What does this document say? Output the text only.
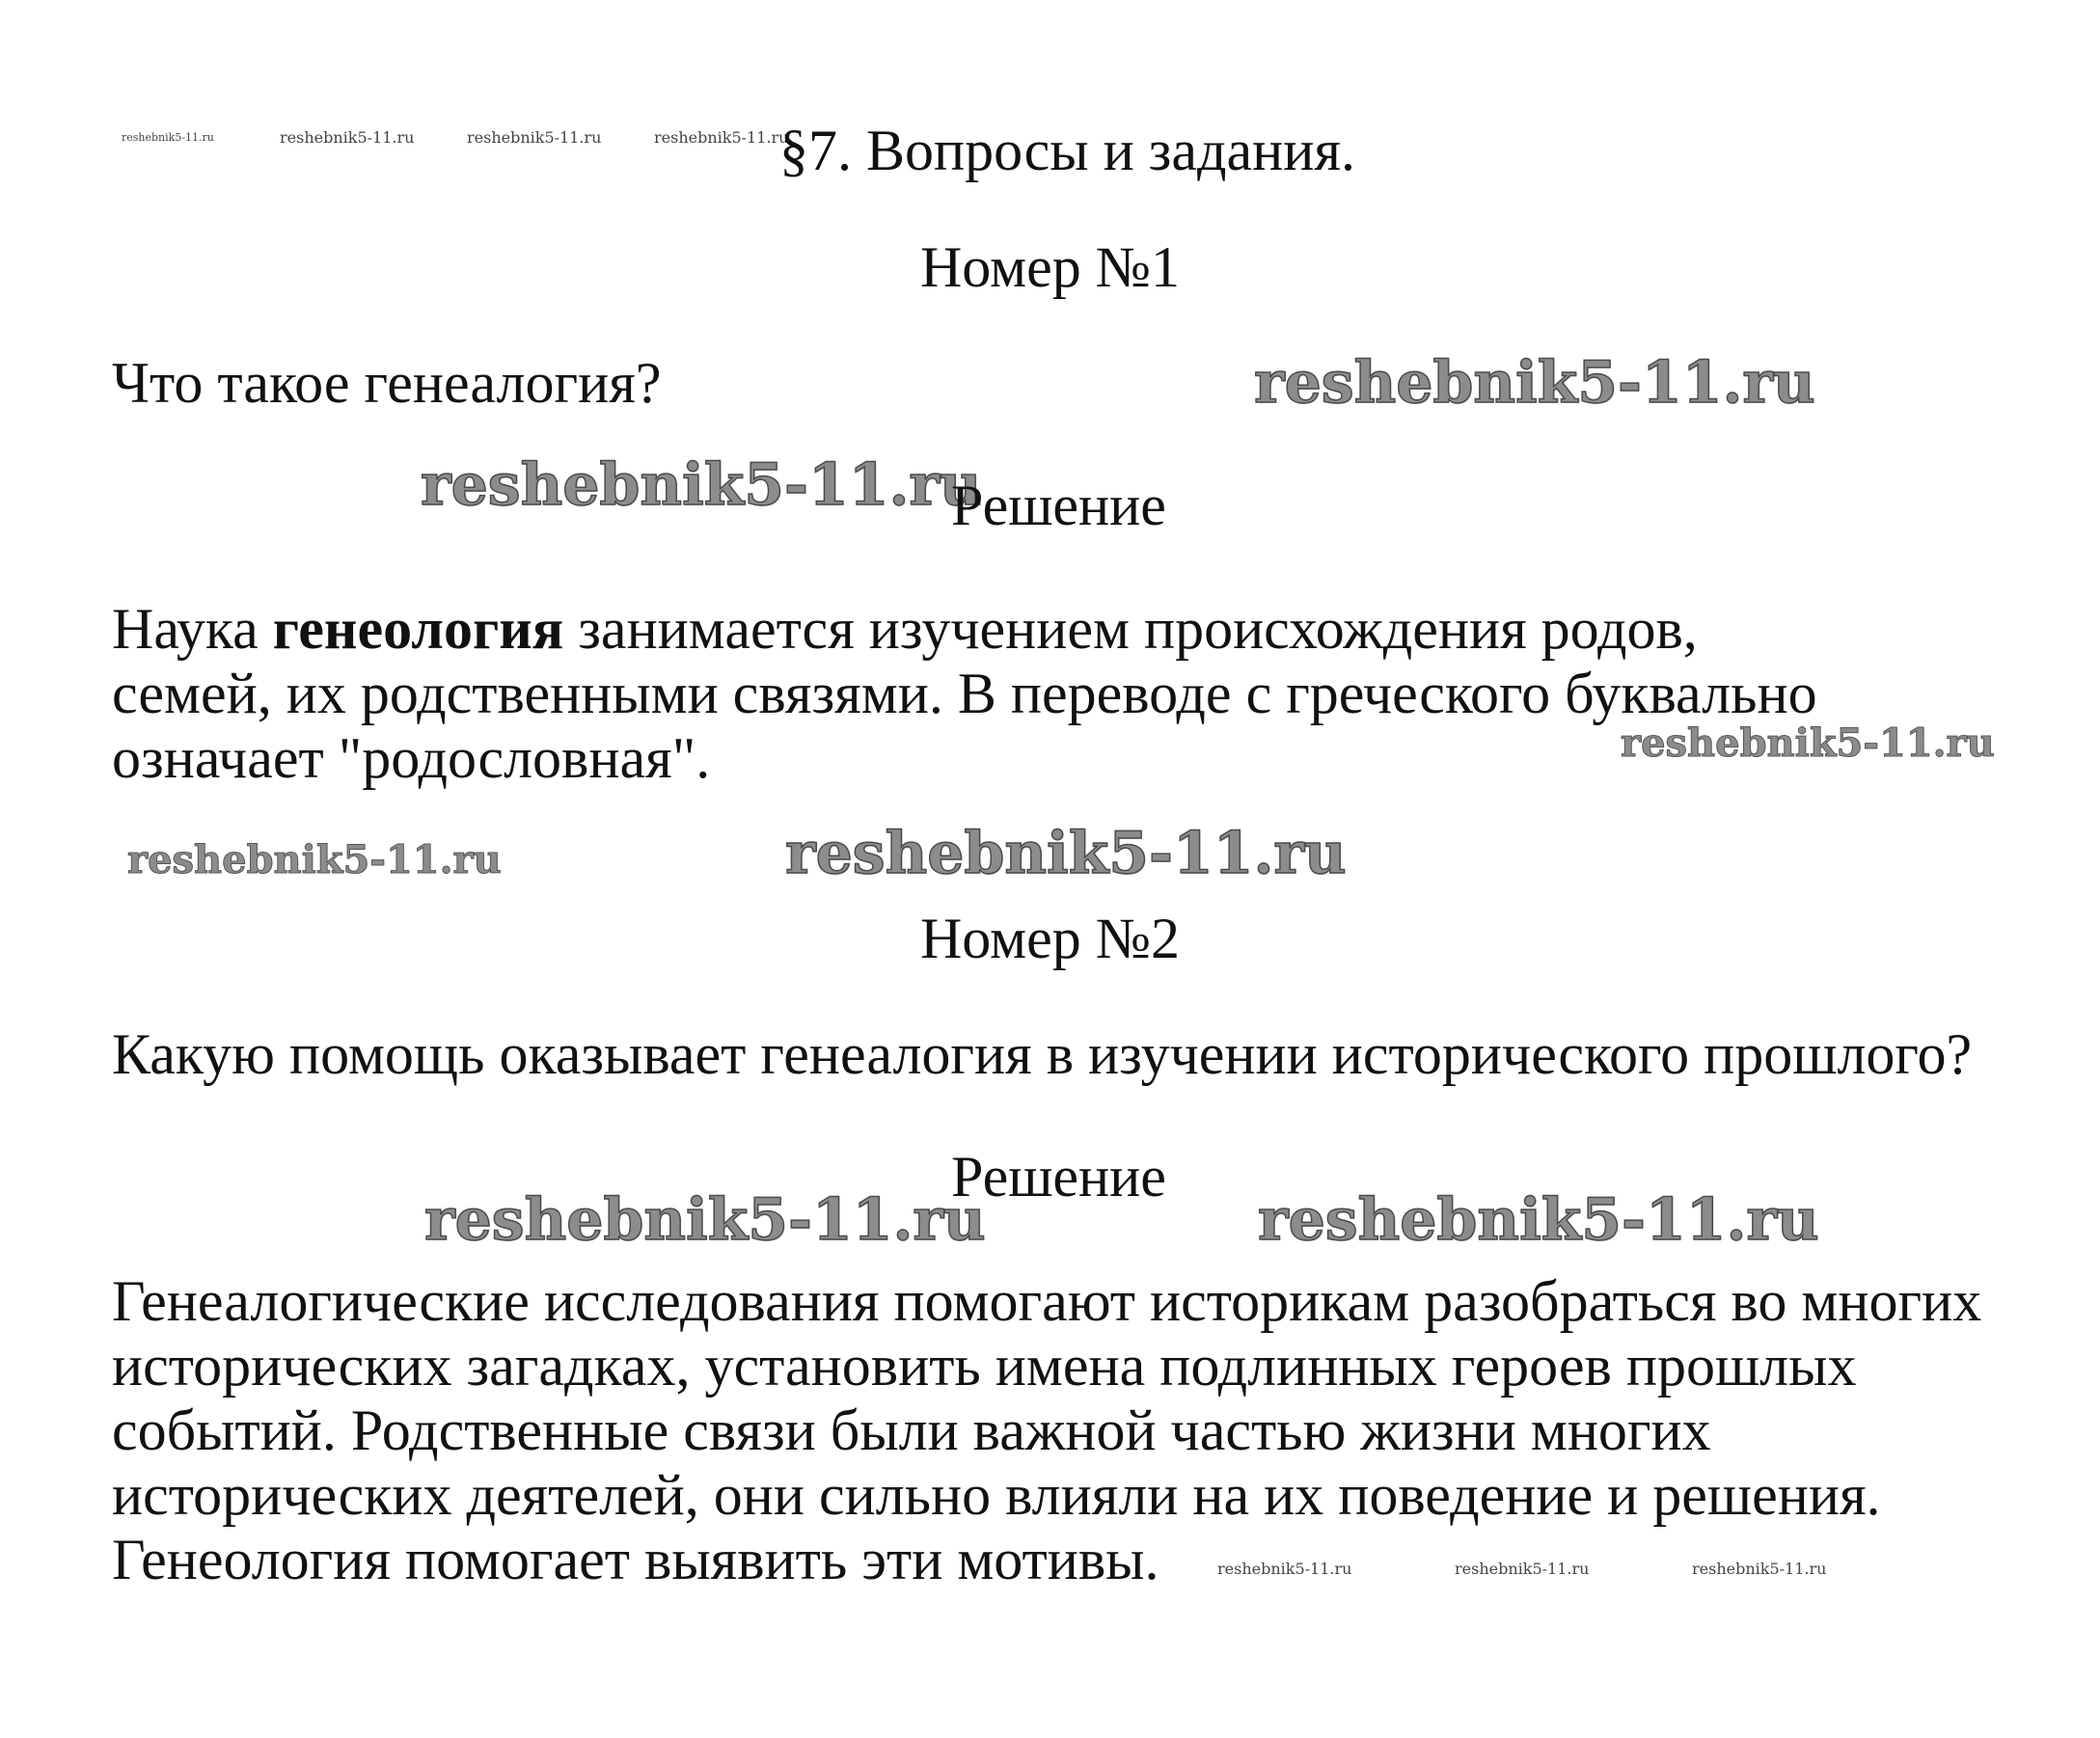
reshebnik5-11.ru	reshebnik5-11.ru	reshebnik5-11.ru	reshebnik5-11.ru
§7. Вопросы и задания.
Номер №1
Что такое генеалогия?	reshebnik5-11.ru
reshebnik5-11.ru
Решение
Наука генеология занимается изучением происхождения родов,
семей, их родственными связями. В переводе с греческого буквально
означает "родословная".	reshebnik5-11.ru
reshebnik5-11.ru	reshebnik5-11.ru
Номер №2
Какую помощь оказывает генеалогия в изучении исторического прошлого?
Решение
reshebnik5-11.ru	reshebnik5-11.ru
Генеалогические исследования помогают историкам разобраться во многих
исторических загадках, установить имена подлинных героев прошлых
событий. Родственные связи были важной частью жизни многих
исторических деятелей, они сильно влияли на их поведение и решения.
Генеология помогает выявить эти мотивы.	reshebnik5-11.ru	reshebnik5-11.ru	reshebnik5-11.ru
